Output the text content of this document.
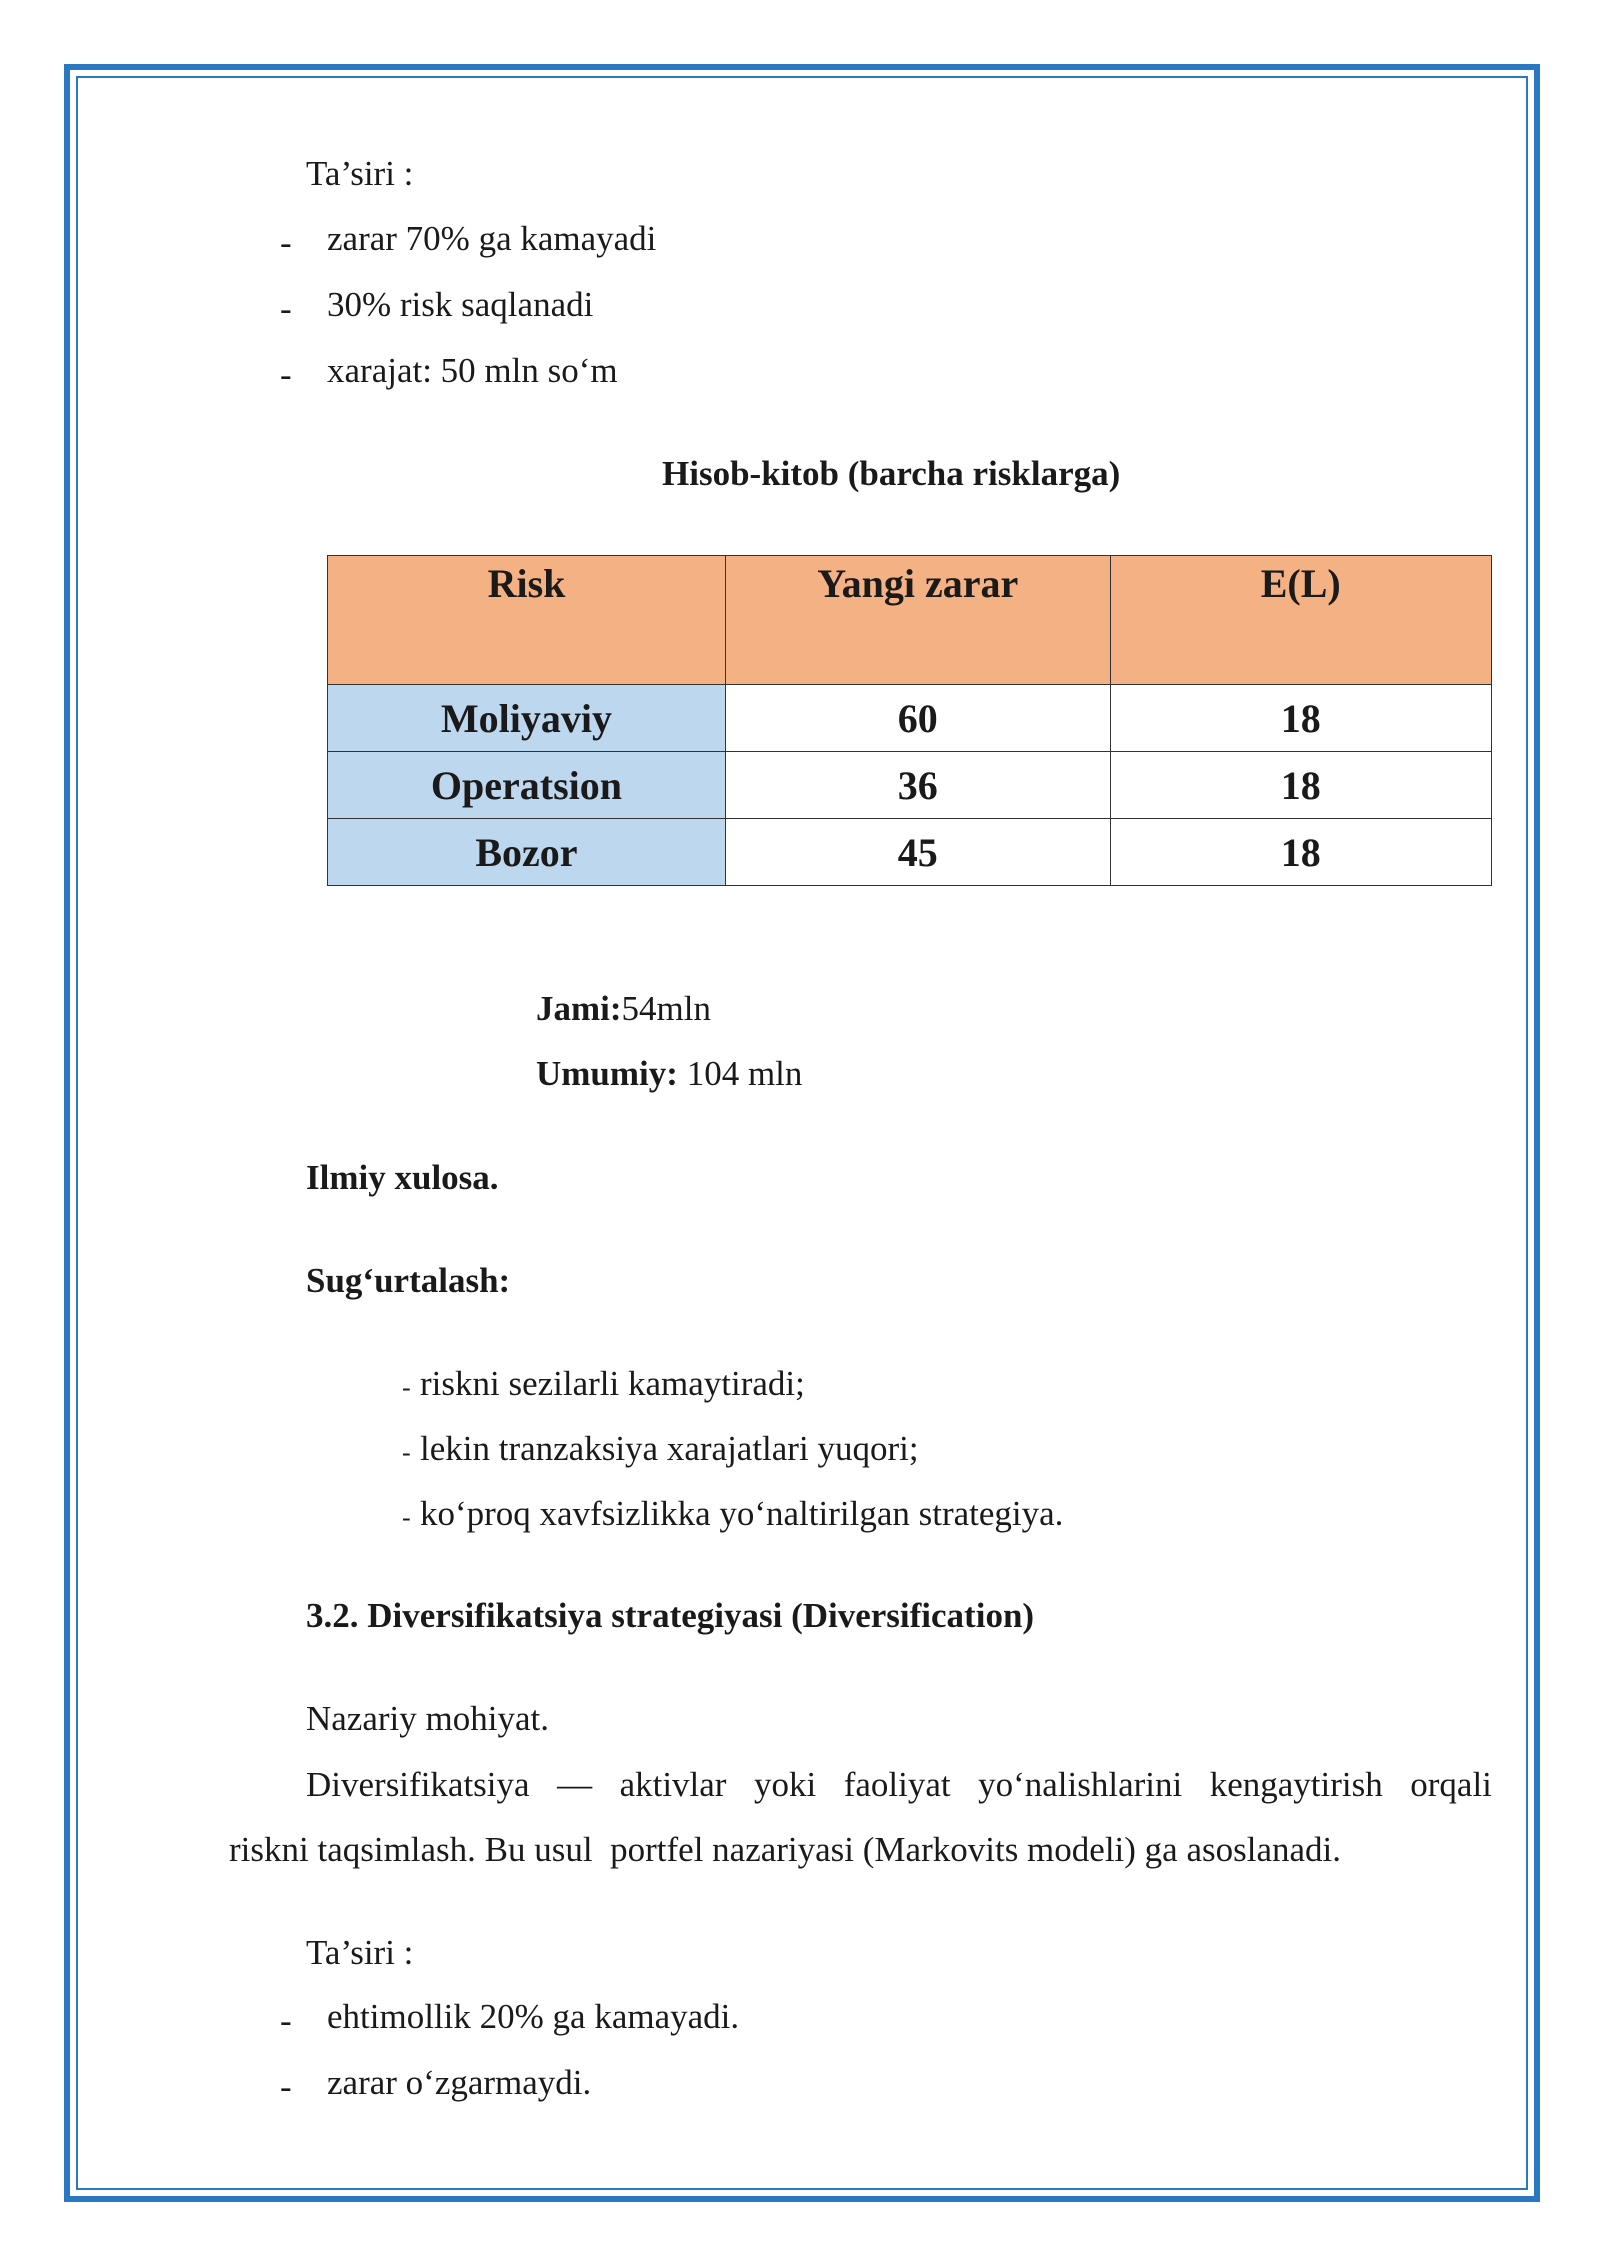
Ta’siri :
- zarar 70% ga kamayadi
- 30% risk saqlanadi
- xarajat: 50 mln so‘m
Hisob-kitob (barcha risklarga)
Risk	Yangi zarar	E(L)
Moliyaviy	60	18
Operatsion	36	18
Bozor	45	18
Jami:54mln
Umumiy: 104 mln
Ilmiy xulosa.
Sug‘urtalash:
- riskni sezilarli kamaytiradi;
- lekin tranzaksiya xarajatlari yuqori;
- ko‘proq xavfsizlikka yo‘naltirilgan strategiya.
3.2. Diversifikatsiya strategiyasi (Diversification)
Nazariy mohiyat.
Diversifikatsiya — aktivlar yoki faoliyat yo‘nalishlarini kengaytirish orqali
riskni taqsimlash. Bu usul  portfel nazariyasi (Markovits modeli) ga asoslanadi.
Ta’siri :
- ehtimollik 20% ga kamayadi.
- zarar o‘zgarmaydi.
